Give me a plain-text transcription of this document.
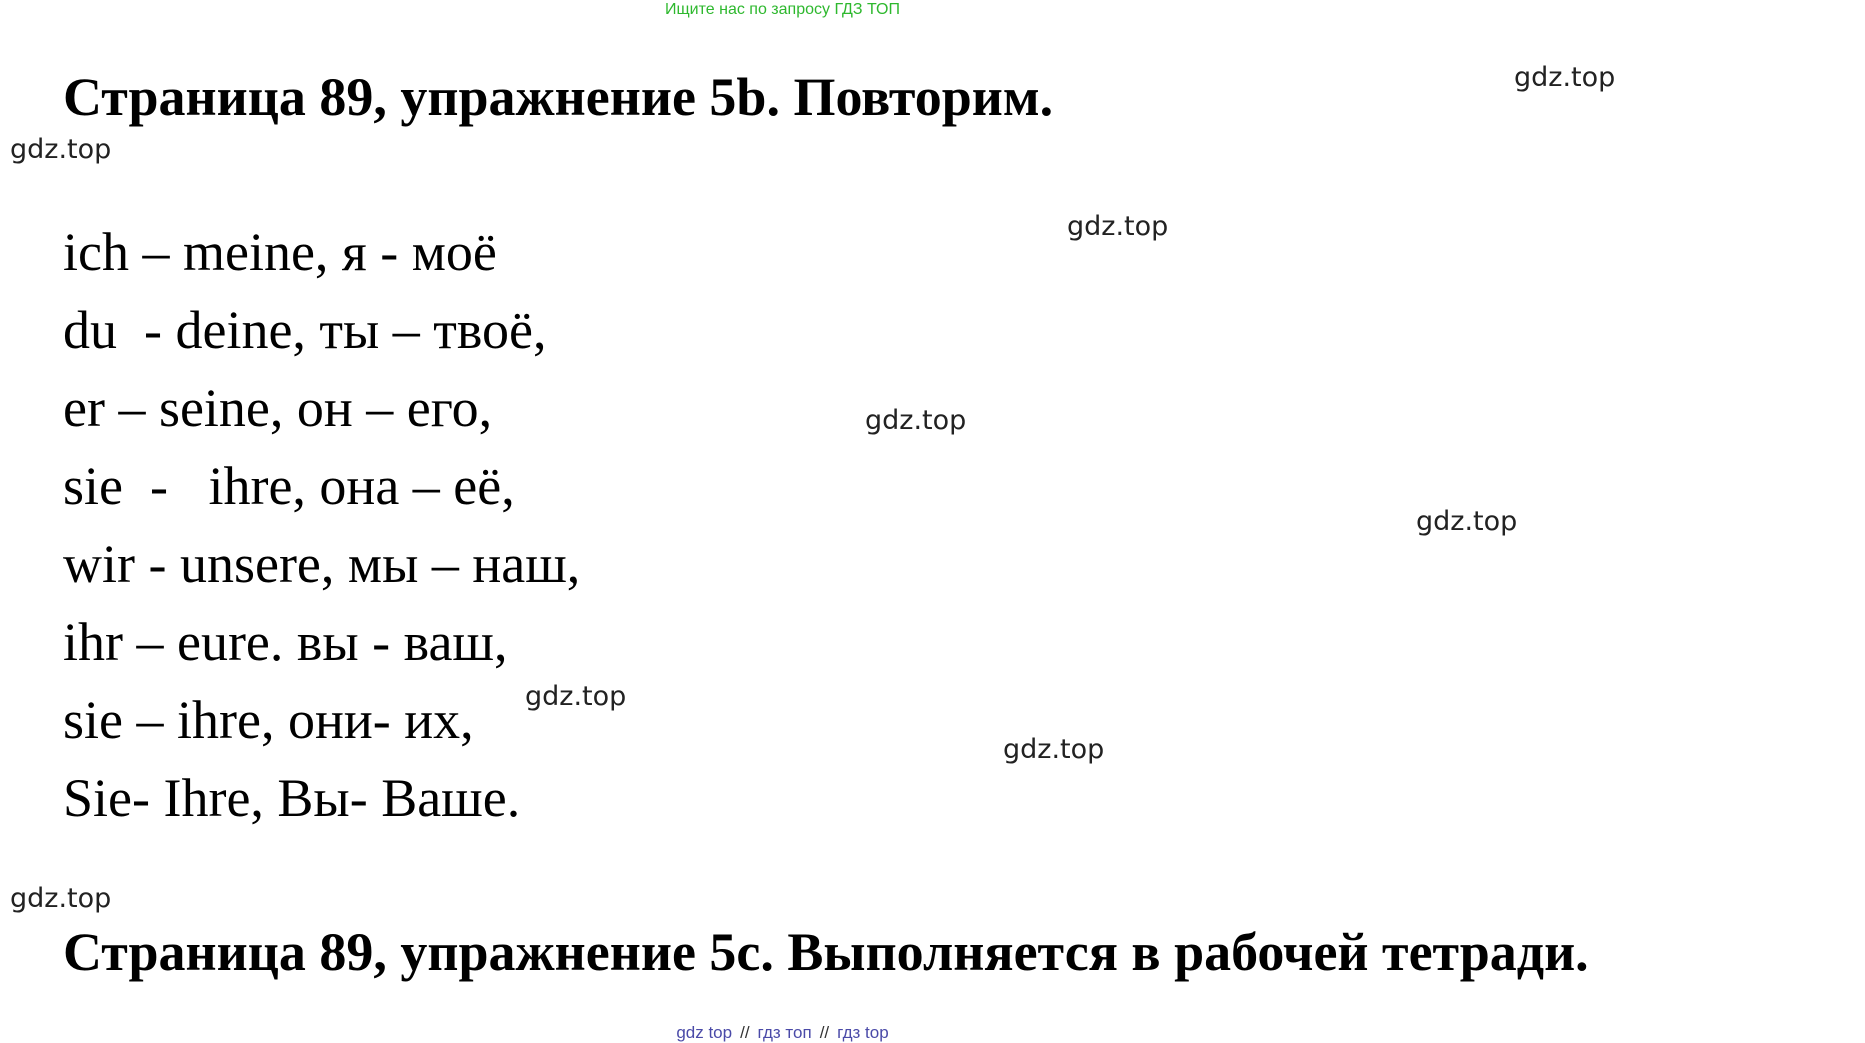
Ищите нас по запросу ГДЗ ТОП
Страница 89, упражнение 5b. Повторим.
ich – meine, я - моё
du  - deine, ты – твоё,
er – seine, он – его,
sie  -   ihre, она – её,
wir - unsere, мы – наш,
ihr – eure. вы - ваш,
sie – ihre, они- их,
Sie- Ihre, Вы- Ваше.
Страница 89, упражнение 5c. Выполняется в рабочей тетради.
gdz.top
gdz.top
gdz.top
gdz.top
gdz.top
gdz.top
gdz.top
gdz.top
gdz top // гдз топ // гдз top
